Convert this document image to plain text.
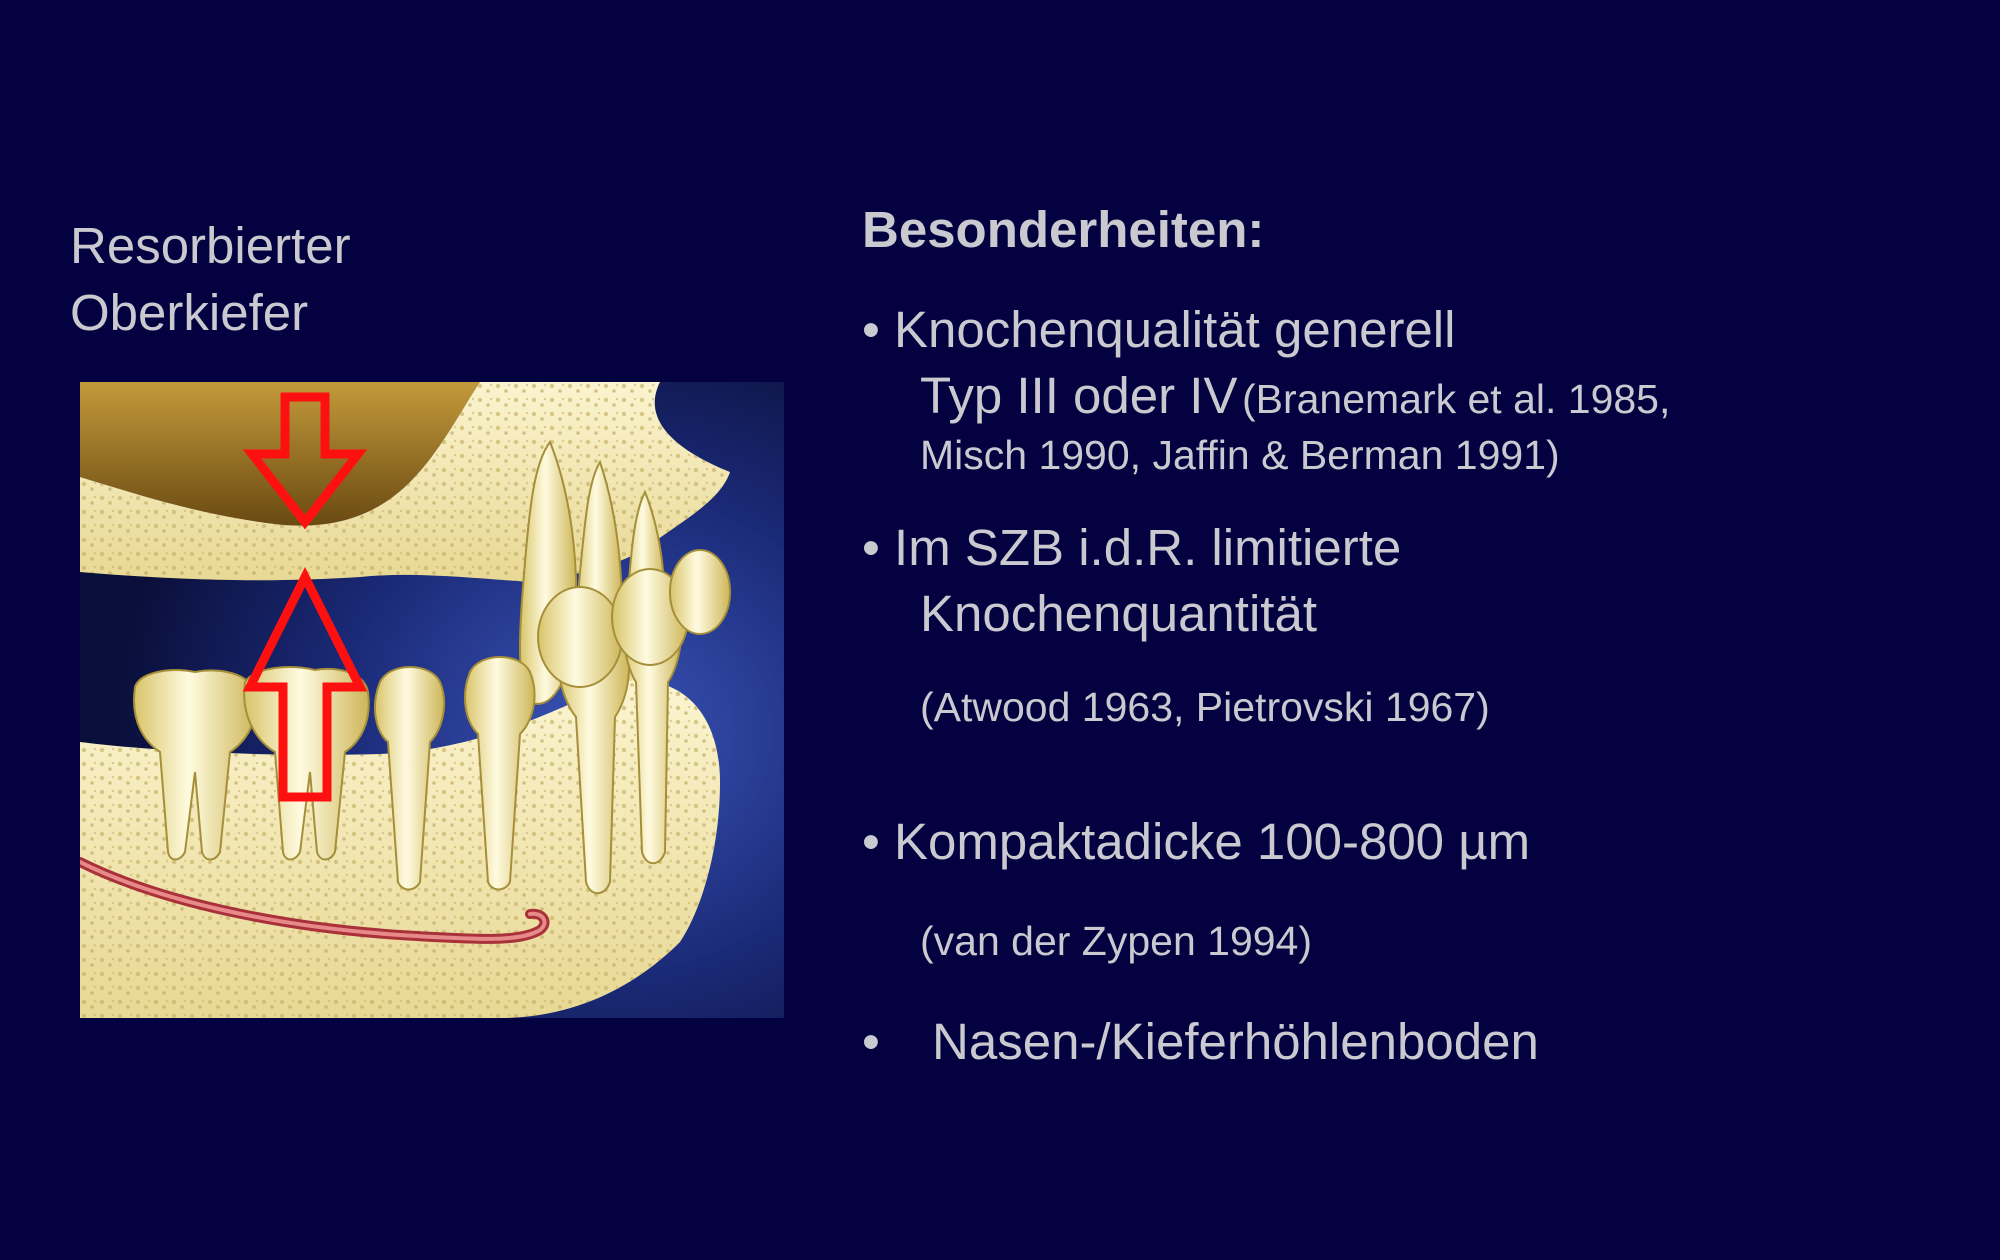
Resorbierter
Oberkiefer
Besonderheiten:
• Knochenqualität generell
Typ III oder IV (Branemark et al. 1985,
Misch 1990, Jaffin & Berman 1991)
• Im SZB i.d.R. limitierte
Knochenquantität
(Atwood 1963, Pietrovski 1967)
• Kompaktadicke 100-800 µm
(van der Zypen 1994)
• Nasen-/Kieferhöhlenboden
